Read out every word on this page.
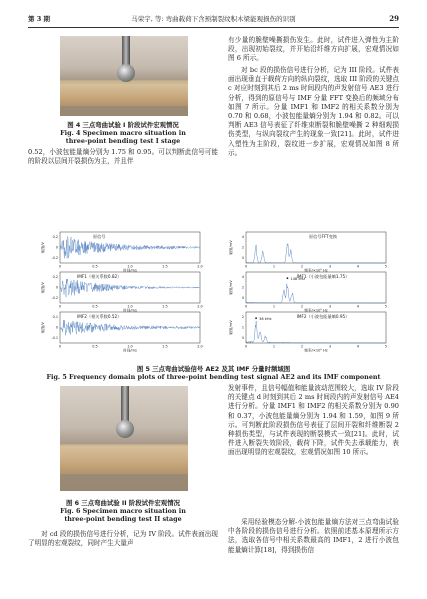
第 3 期	马荣宇, 等: 弯曲载荷下含预制裂纹积木梁能观损伤的识别	29
图 4 三点弯曲试验 I 阶段试件宏观情况
Fig. 4 Specimen macro situation in
three-point bending test I stage
0.52，小波包能量熵分别为 1.75 和 0.95。可以判断此信号可能的阶段以层间开裂损伤为主，并且伴
有少量的脆壁噪撕损伤发生。此时，试件进入弹性为主阶段，出现初始裂纹，并开始沿纤维方向扩展，宏观情况如图 6 所示。
对 bc 段的损伤信号进行分析，记为 III 阶段。试件表面出现垂直于载荷方向的纵向裂纹，选取 III 阶段的关键点 c 对应时刻到其后 2 ms 时间段内的声发射信号 AE3 进行分析，得到的原信号与 IMF 分量 FFT 变换后的频域分布如图 7 所示。分量 IMF1 和 IMF2 的相关系数分别为 0.70 和 0.68，小波包能量熵分别为 1.94 和 0.82。可以判断 AE3 信号表征了纤维束断裂和脆壁噪撕 2 种细观损伤类型，与纵向裂纹产生的现象一致[21]。此时，试件进入塑性为主阶段，裂纹进一步扩展，宏观情况如图 8 所示。
原信号
幅值/V
0.2
0
-0.2
0	0.5	1.0	1.5	2.0
时间/ms
原信号FFT变换
幅值/mV
4
2
0
0	1	2	3	4	5
频率/×10⁵ Hz
IMF1（相关系数0.82）
幅值/V
0.2
0
-0.2
0	0.5	1.0	1.5	2.0
时间/ms
IMF1（小波包能量熵1.75）
幅值/mV
4
2
0
148 kHz
0	1	2	3	4	5
频率/×10⁵ Hz
IMF2（相关系数0.52）
幅值/V
0.1
0
-0.1
0	0.5	1.0	1.5	2.0
时间/ms
IMF2（小波包能量熵0.95）
幅值/mV
2
1
0
36 kHz
0	1	2	3	4	5
频率/×10⁵ Hz
图 5 三点弯曲试验信号 AE2 及其 IMF 分量时频域图
Fig. 5 Frequency domain plots of three-point bending test signal AE2 and its IMF component
图 6 三点弯曲试验 II 阶段试件宏观情况
Fig. 6 Specimen macro situation in
three-point bending test II stage
对 cd 段的损伤信号进行分析，记为 IV 阶段。试件表面出现了明显的宏观裂纹，同时产生大量声
发射事件，且信号幅值和能量波动范围较大，选取 IV 阶段的关键点 d 时刻到其后 2 ms 时间段内的声发射信号 AE4 进行分析。分量 IMF1 和 IMF2 的相关系数分别为 0.90 和 0.37，小波包能量熵分别为 1.94 和 1.59，如图 9 所示。可判断此阶段损伤信号表征了层间开裂和纤维断裂 2 种损伤类型，与试件表现的断裂模式一致[21]。此时，试件进入断裂失效阶段，载荷下降，试件失去承载能力，表面出现明显的宏观裂纹，宏观情况如图 10 所示。
采用经验模态分解-小波包能量熵方法对三点弯曲试验中各阶段的损伤信号进行分析。依照前述基本原理所示方法，选取各信号中相关系数最高的 IMF1，2 进行小波包能量熵计算[18]，得到损伤信
